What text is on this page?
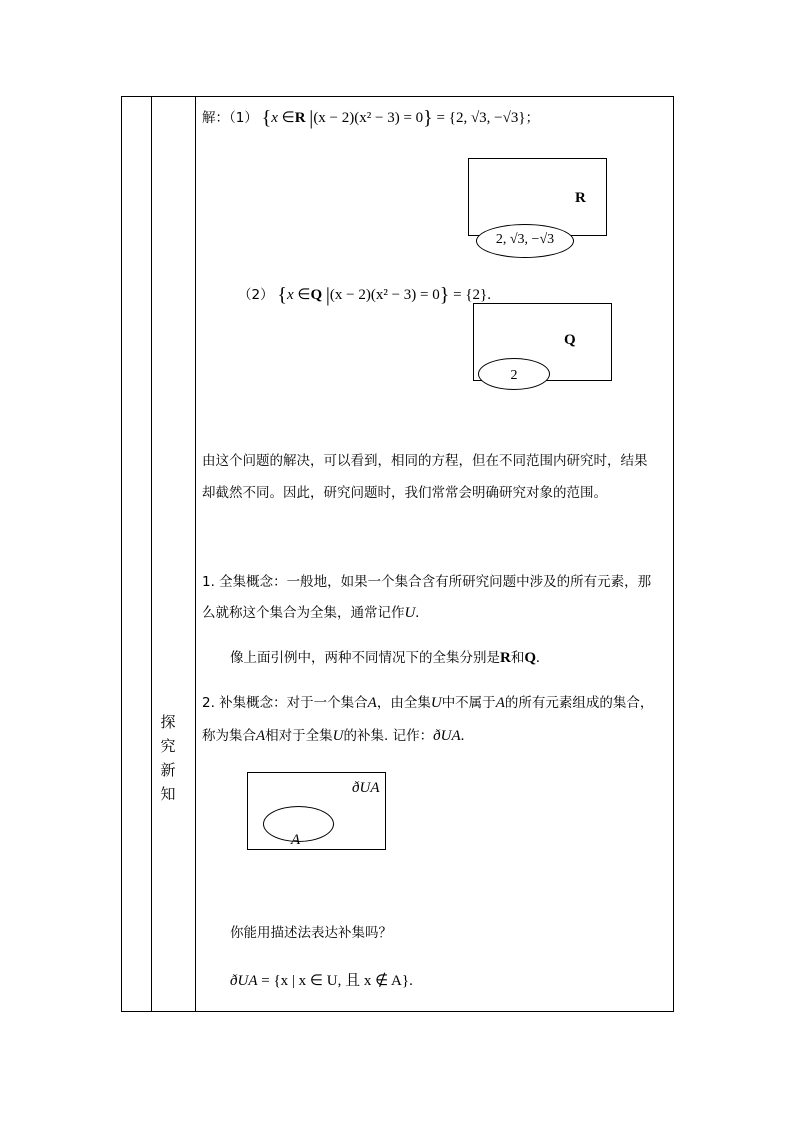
探
究
新
知
解：（1） {x ∈R |(x − 2)(x² − 3) = 0} = {2, √3, −√3}；
R
2, √3, −√3
（2） {x ∈Q |(x − 2)(x² − 3) = 0} = {2}.
Q
2
由这个问题的解决，可以看到，相同的方程，但在不同范围内研究时，结果
却截然不同。因此，研究问题时，我们常常会明确研究对象的范围。
1. 全集概念：一般地，如果一个集合含有所研究问题中涉及的所有元素，那
么就称这个集合为全集，通常记作U.
像上面引例中，两种不同情况下的全集分别是R和Q.
2. 补集概念：对于一个集合A，由全集U中不属于A的所有元素组成的集合，
称为集合A相对于全集U的补集. 记作：ðUA.
ðUA
A
你能用描述法表达补集吗？
ðUA = {x | x ∈ U, 且 x ∉ A}.
